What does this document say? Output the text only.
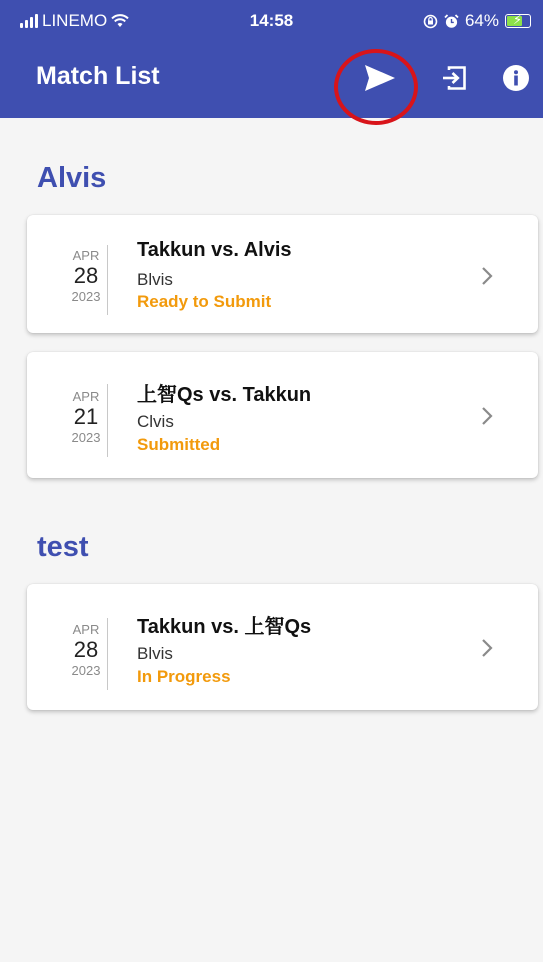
LINEMO	14:58	64% ⚡
Match List
Alvis
APR
28
2023
Takkun vs. Alvis
Blvis
Ready to Submit
APR
21
2023
上智Qs vs. Takkun
Clvis
Submitted
test
APR
28
2023
Takkun vs. 上智Qs
Blvis
In Progress
